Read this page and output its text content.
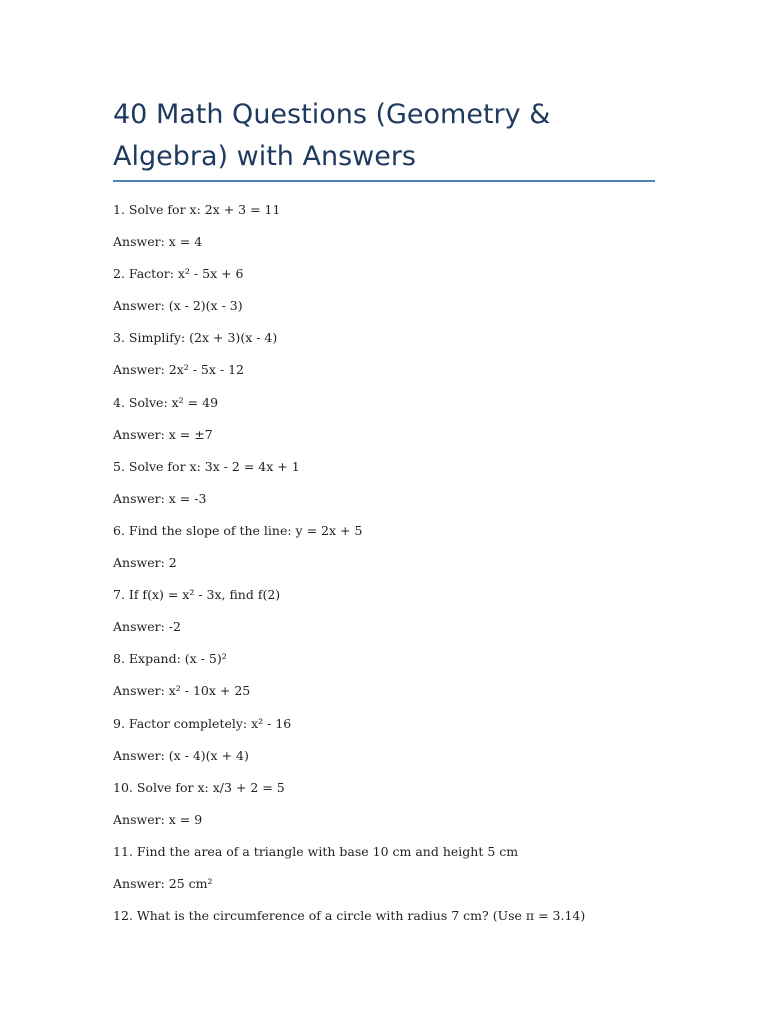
40 Math Questions (Geometry & Algebra) with Answers
1. Solve for x: 2x + 3 = 11
Answer: x = 4
2. Factor: x² - 5x + 6
Answer: (x - 2)(x - 3)
3. Simplify: (2x + 3)(x - 4)
Answer: 2x² - 5x - 12
4. Solve: x² = 49
Answer: x = ±7
5. Solve for x: 3x - 2 = 4x + 1
Answer: x = -3
6. Find the slope of the line: y = 2x + 5
Answer: 2
7. If f(x) = x² - 3x, find f(2)
Answer: -2
8. Expand: (x - 5)²
Answer: x² - 10x + 25
9. Factor completely: x² - 16
Answer: (x - 4)(x + 4)
10. Solve for x: x/3 + 2 = 5
Answer: x = 9
11. Find the area of a triangle with base 10 cm and height 5 cm
Answer: 25 cm²
12. What is the circumference of a circle with radius 7 cm? (Use π = 3.14)
